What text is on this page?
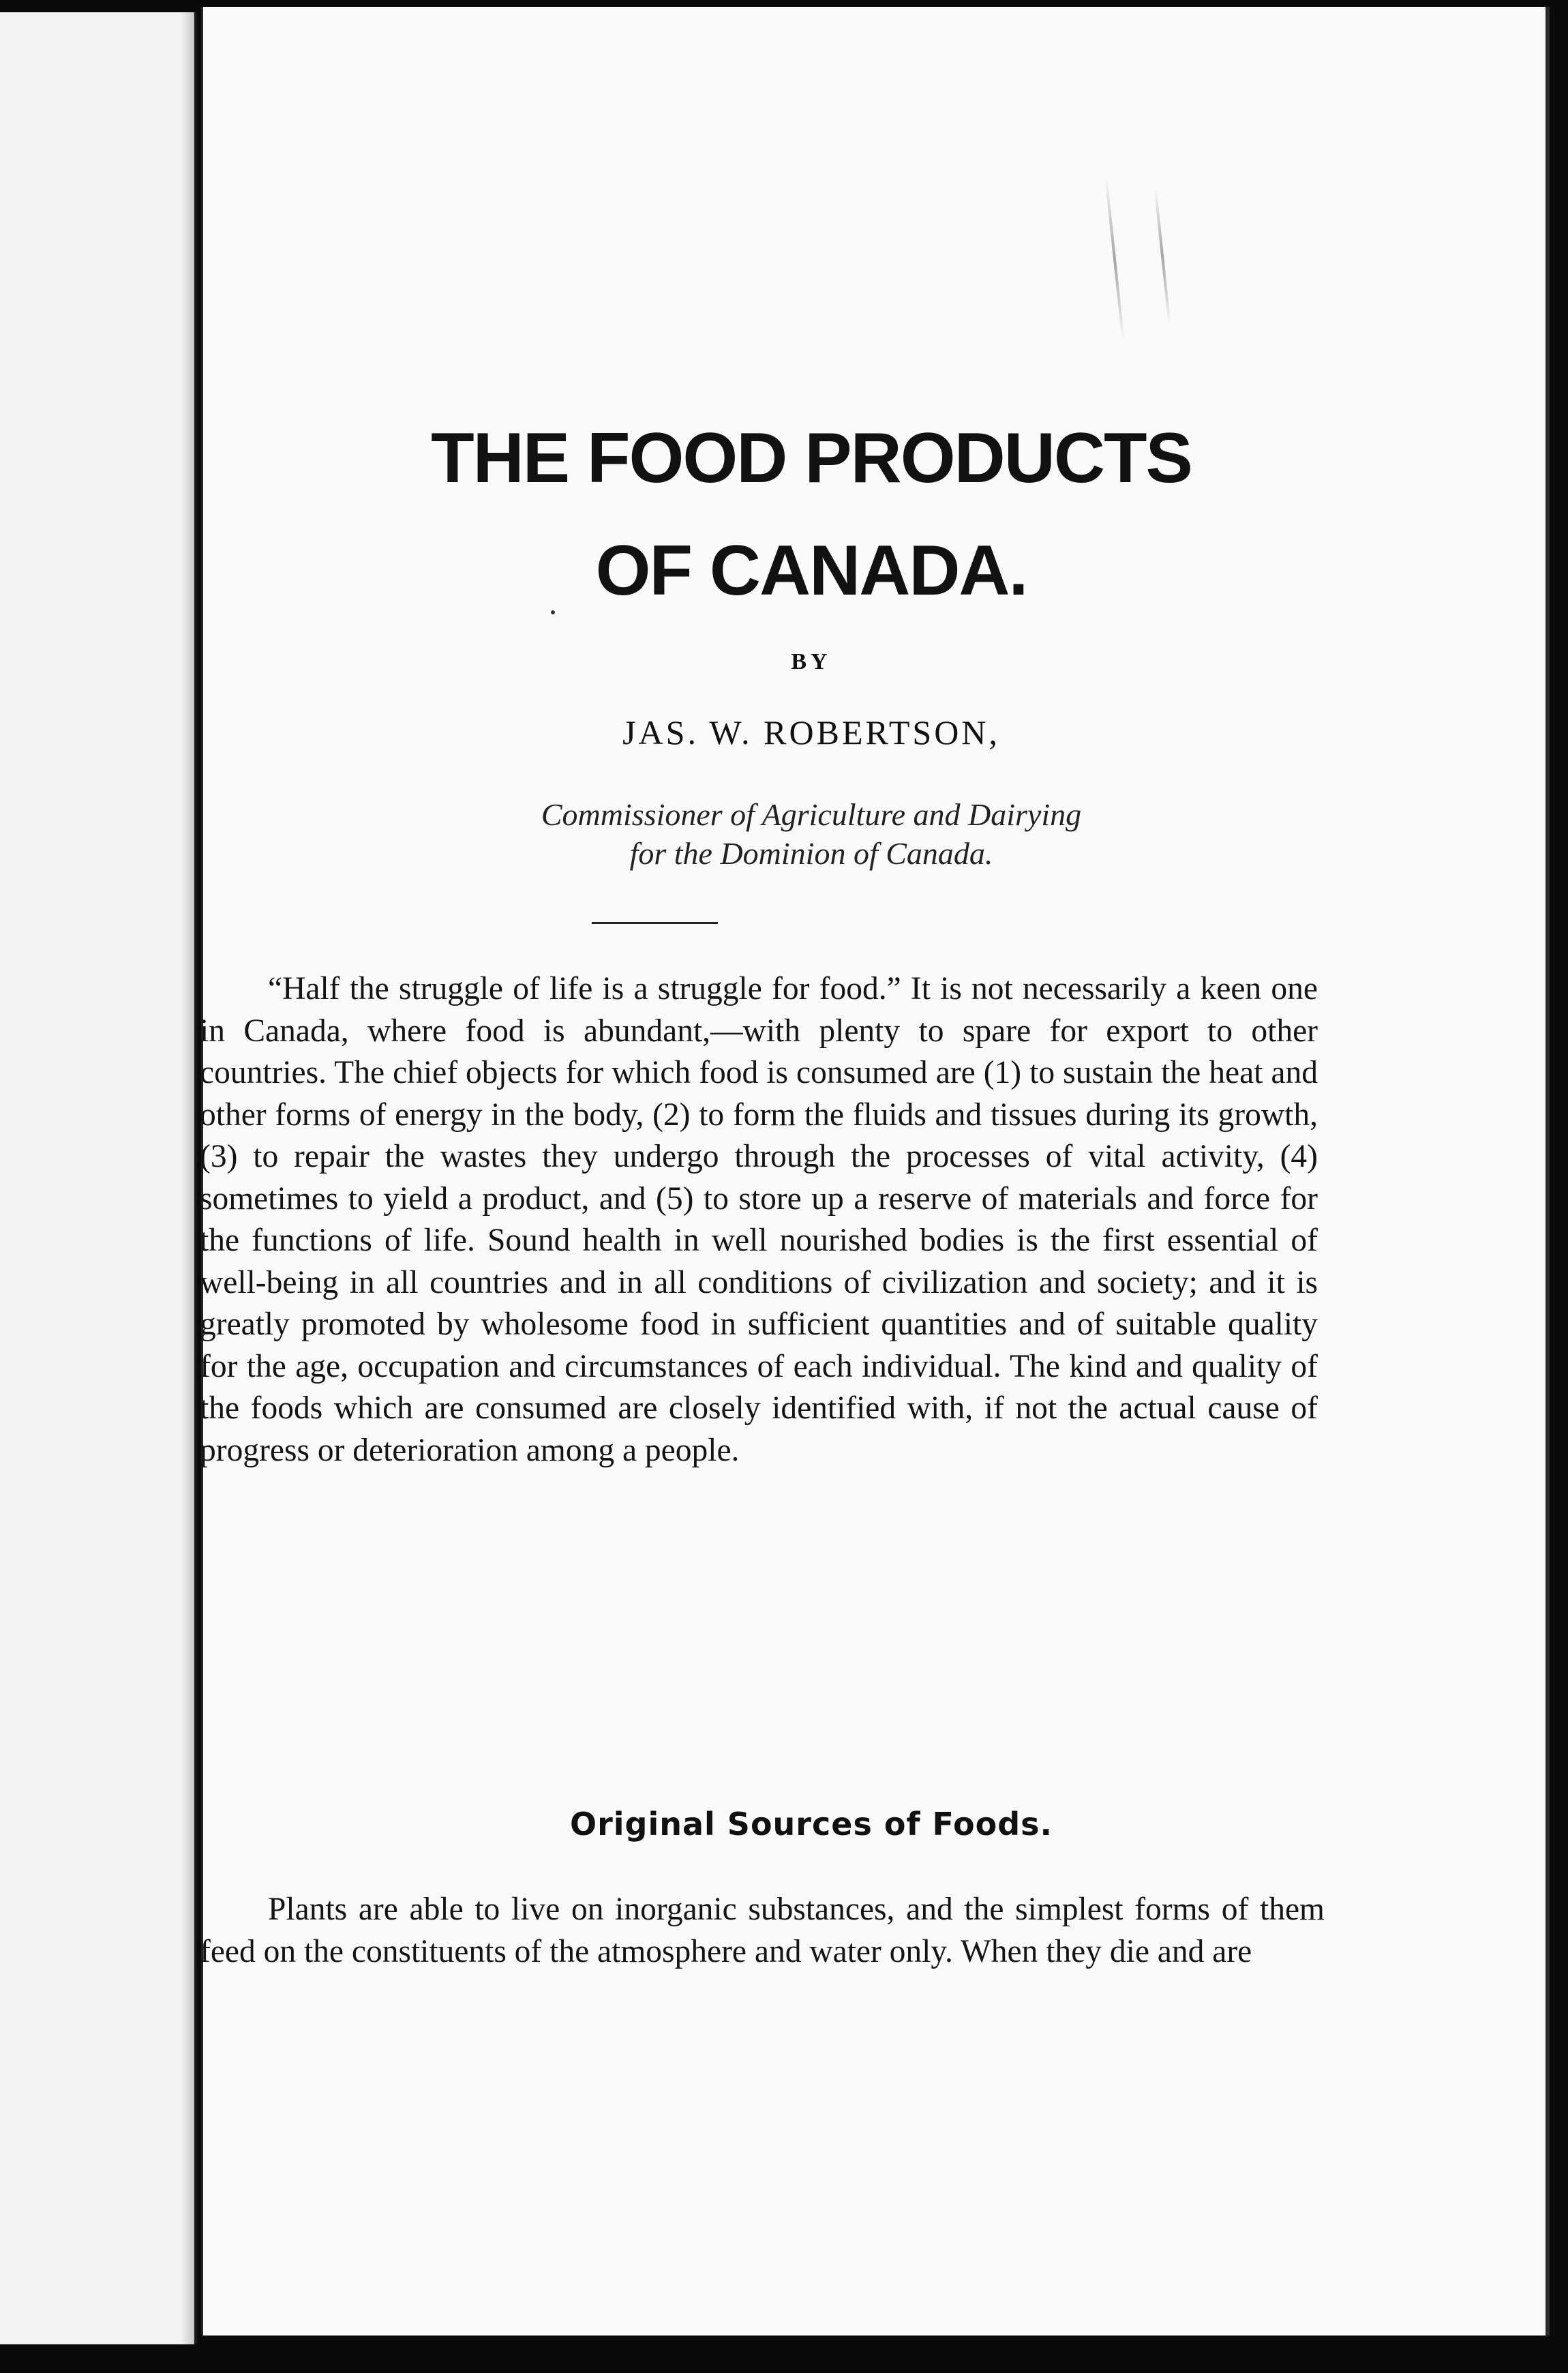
THE FOOD PRODUCTS
OF CANADA.
BY
JAS. W. ROBERTSON,
Commissioner of Agriculture and Dairying
for the Dominion of Canada.

“Half the struggle of life is a struggle for food.” It is not necessarily a keen one in Canada, where food is abundant,—with plenty to spare for export to other countries. The chief objects for which food is consumed are (1) to sustain the heat and other forms of energy in the body, (2) to form the fluids and tissues during its growth, (3) to repair the wastes they undergo through the processes of vital activity, (4) sometimes to yield a product, and (5) to store up a reserve of materials and force for the functions of life. Sound health in well nourished bodies is the first essential of well-being in all countries and in all conditions of civilization and society; and it is greatly promoted by wholesome food in sufficient quantities and of suitable quality for the age, occupation and circumstances of each individual. The kind and quality of the foods which are consumed are closely identified with, if not the actual cause of progress or deterioration among a people.

Original Sources of Foods.

Plants are able to live on inorganic substances, and the simplest forms of them feed on the constituents of the atmosphere and water only. When they die and are
